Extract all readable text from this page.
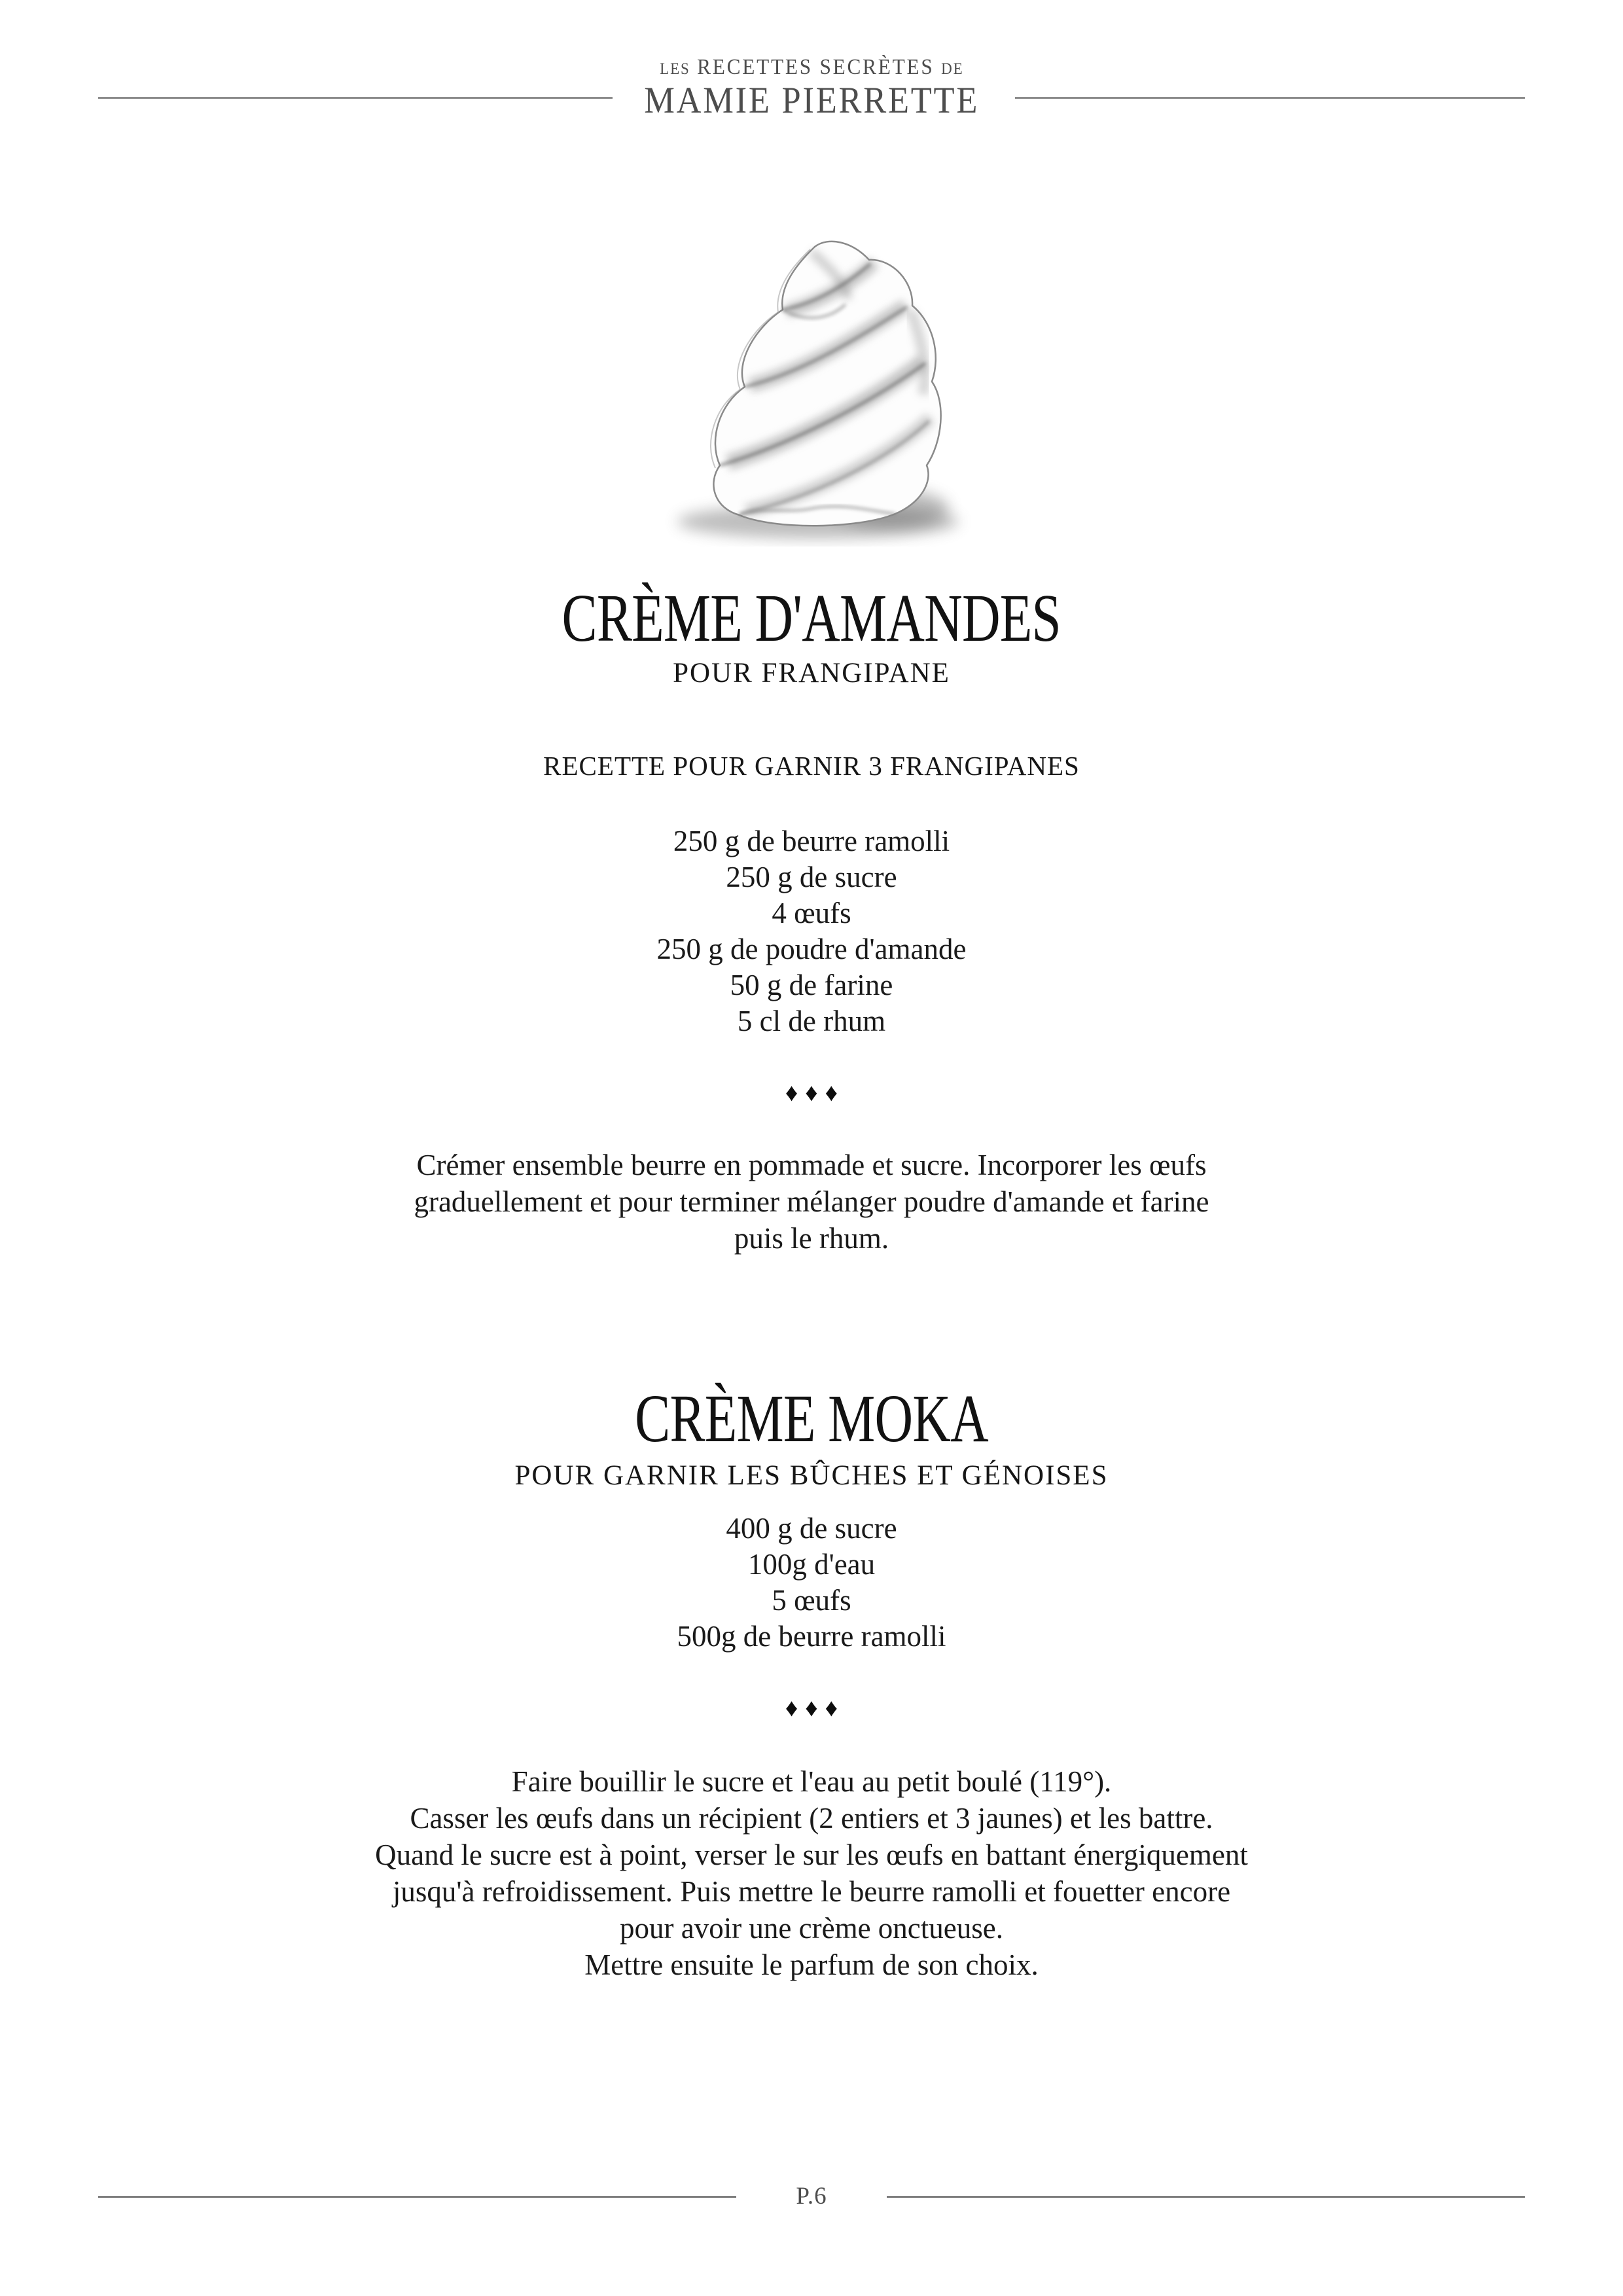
LES RECETTES SECRÈTES DE
MAMIE PIERRETTE
CRÈME D'AMANDES
POUR FRANGIPANE
RECETTE POUR GARNIR 3 FRANGIPANES
250 g de beurre ramolli
250 g de sucre
4 œufs
250 g de poudre d'amande
50 g de farine
5 cl de rhum
♦♦♦

Crémer ensemble beurre en pommade et sucre. Incorporer les œufs graduellement et pour terminer mélanger poudre d'amande et farine puis le rhum.

CRÈME MOKA
POUR GARNIR LES BÛCHES ET GÉNOISES
400 g de sucre
100g d'eau
5 œufs
500g de beurre ramolli
♦♦♦
Faire bouillir le sucre et l'eau au petit boulé (119°).
Casser les œufs dans un récipient (2 entiers et 3 jaunes) et les battre.
Quand le sucre est à point, verser le sur les œufs en battant énergiquement jusqu'à refroidissement. Puis mettre le beurre ramolli et fouetter encore pour avoir une crème onctueuse.
Mettre ensuite le parfum de son choix.
P.6
